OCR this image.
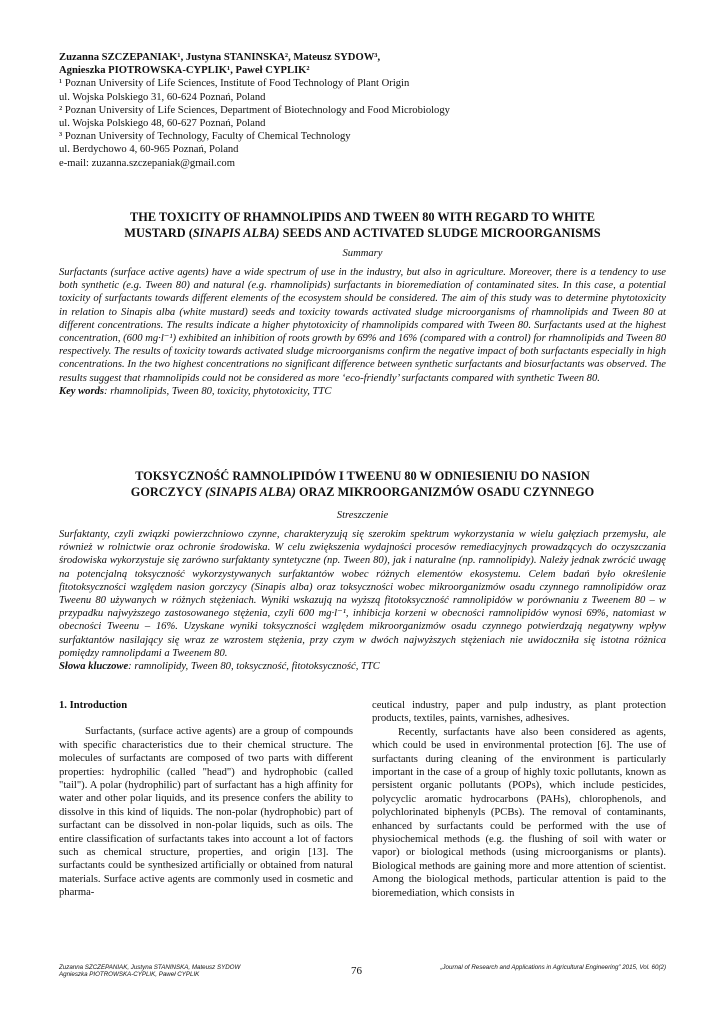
Zuzanna SZCZEPANIAK¹, Justyna STANINSKA², Mateusz SYDOW³,
Agnieszka PIOTROWSKA-CYPLIK¹, Paweł CYPLIK²
¹ Poznan University of Life Sciences, Institute of Food Technology of Plant Origin
ul. Wojska Polskiego 31, 60-624 Poznań, Poland
² Poznan University of Life Sciences, Department of Biotechnology and Food Microbiology
ul. Wojska Polskiego 48, 60-627 Poznań, Poland
³ Poznan University of Technology, Faculty of Chemical Technology
ul. Berdychowo 4, 60-965 Poznań, Poland
e-mail: zuzanna.szczepaniak@gmail.com
THE TOXICITY OF RHAMNOLIPIDS AND TWEEN 80 WITH REGARD TO WHITE
MUSTARD (SINAPIS ALBA) SEEDS AND ACTIVATED SLUDGE MICROORGANISMS
Summary
Surfactants (surface active agents) have a wide spectrum of use in the industry, but also in agriculture. Moreover, there is a tendency to use both synthetic (e.g. Tween 80) and natural (e.g. rhamnolipids) surfactants in bioremediation of contaminated sites. In this case, a potential toxicity of surfactants towards different elements of the ecosystem should be considered. The aim of this study was to determine phytotoxicity in relation to Sinapis alba (white mustard) seeds and toxicity towards activated sludge microorganisms of rhamnolipids and Tween 80 at different concentrations. The results indicate a higher phytotoxicity of rhamnolipids compared with Tween 80. Surfactants used at the highest concentration, (600 mg∙l⁻¹) exhibited an inhibition of roots growth by 69% and 16% (compared with a control) for rhamnolipids and Tween 80 respectively. The results of toxicity towards activated sludge microorganisms confirm the negative impact of both surfactants especially in high concentrations. In the two highest concentrations no significant difference between synthetic surfactants and biosurfactants was observed. The results suggest that rhamnolipids could not be considered as more ‘eco-friendly’ surfactants compared with synthetic Tween 80.
Key words: rhamnolipids, Tween 80, toxicity, phytotoxicity, TTC
TOKSYCZNOŚĆ RAMNOLIPIDÓW I TWEENU 80 W ODNIESIENIU DO NASION
GORCZYCY (SINAPIS ALBA) ORAZ MIKROORGANIZMÓW OSADU CZYNNEGO
Streszczenie
Surfaktanty, czyli związki powierzchniowo czynne, charakteryzują się szerokim spektrum wykorzystania w wielu gałęziach przemysłu, ale również w rolnictwie oraz ochronie środowiska. W celu zwiększenia wydajności procesów remediacyjnych prowadzących do oczyszczania środowiska wykorzystuje się zarówno surfaktanty syntetyczne (np. Tween 80), jak i naturalne (np. ramnolipidy). Należy jednak zwrócić uwagę na potencjalną toksyczność wykorzystywanych surfaktantów wobec różnych elementów ekosystemu. Celem badań było określenie fitotoksyczności względem nasion gorczycy (Sinapis alba) oraz toksyczności wobec mikroorganizmów osadu czynnego ramnolipidów oraz Tweenu 80 używanych w różnych stężeniach. Wyniki wskazują na wyższą fitotoksyczność ramnolipidów w porównaniu z Tweenem 80 – w przypadku najwyższego zastosowanego stężenia, czyli 600 mg∙l⁻¹, inhibicja korzeni w obecności ramnolipidów wynosi 69%, natomiast w obecności Tweenu – 16%. Uzyskane wyniki toksyczności względem mikroorganizmów osadu czynnego potwierdzają negatywny wpływ surfaktantów nasilający się wraz ze wzrostem stężenia, przy czym w dwóch najwyższych stężeniach nie uwidoczniła się istotna różnica pomiędzy ramnolipdami a Tweenem 80.
Słowa kluczowe: ramnolipidy, Tween 80, toksyczność, fitotoksyczność, TTC

1. Introduction

Surfactants, (surface active agents) are a group of compounds with specific characteristics due to their chemical structure. The molecules of surfactants are composed of two parts with different properties: hydrophilic (called "head") and hydrophobic (called "tail"). A polar (hydrophilic) part of surfactant has a high affinity for water and other polar liquids, and its presence confers the ability to dissolve in this kind of liquids. The non-polar (hydrophobic) part of surfactant can be dissolved in non-polar liquids, such as oils. The entire classification of surfactants takes into account a lot of factors such as chemical structure, properties, and origin [13]. The surfactants could be synthesized artificially or obtained from natural materials. Surface active agents are commonly used in cosmetic and pharma-

ceutical industry, paper and pulp industry, as plant protection products, textiles, paints, varnishes, adhesives.

Recently, surfactants have also been considered as agents, which could be used in environmental protection [6]. The use of surfactants during cleaning of the environment is particularly important in the case of a group of highly toxic pollutants, known as persistent organic pollutants (POPs), which include pesticides, polycyclic aromatic hydrocarbons (PAHs), chlorophenols, and polychlorinated biphenyls (PCBs). The removal of contaminants, enhanced by surfactants could be performed with the use of physiochemical methods (e.g. the flushing of soil with water or vapor) or biological methods (using microorganisms or plants). Biological methods are gaining more and more attention of scientist. Among the biological methods, particular attention is paid to the bioremediation, which consists in

Zuzanna SZCZEPANIAK, Justyna STANINSKA, Mateusz SYDOW
Agnieszka PIOTROWSKA-CYPLIK, Paweł CYPLIK	76	„Journal of Research and Applications in Agricultural Engineering” 2015, Vol. 60(2)
